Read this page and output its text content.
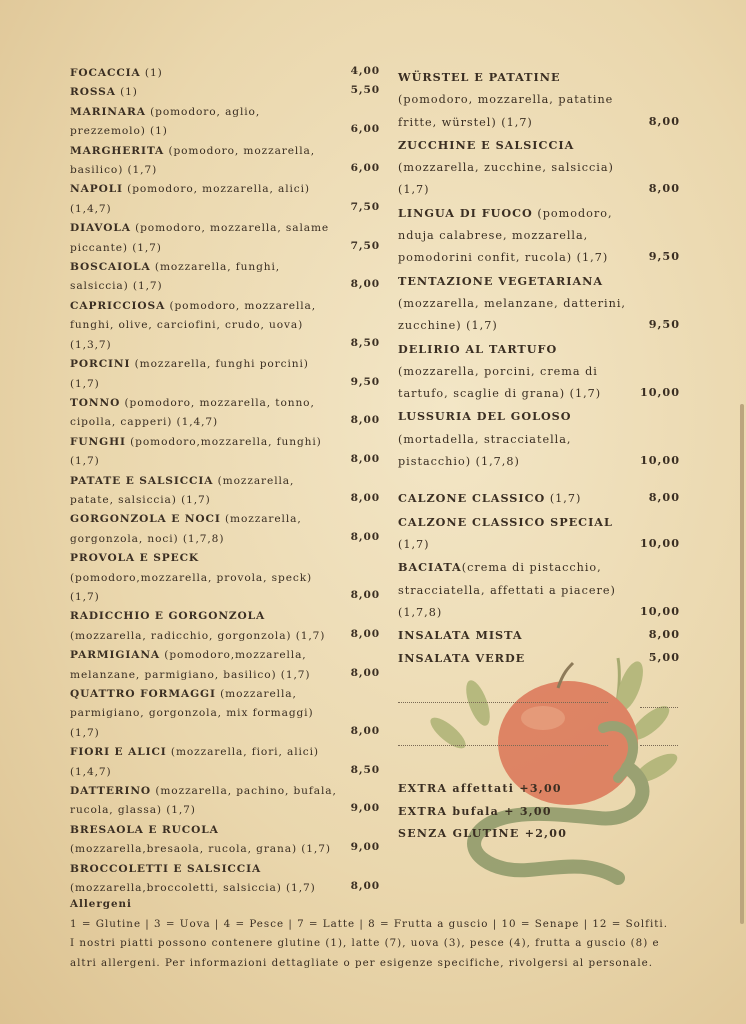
FOCACCIA (1)	4,00
ROSSA (1)	5,50
MARINARA (pomodoro, aglio, prezzemolo) (1)	6,00
MARGHERITA (pomodoro, mozzarella, basilico) (1,7)	6,00
NAPOLI (pomodoro, mozzarella, alici) (1,4,7)	7,50
DIAVOLA (pomodoro, mozzarella, salame piccante) (1,7)	7,50
BOSCAIOLA (mozzarella, funghi, salsiccia) (1,7)	8,00
CAPRICCIOSA (pomodoro, mozzarella, funghi, olive, carciofini, crudo, uova) (1,3,7)	8,50
PORCINI (mozzarella, funghi porcini) (1,7)	9,50
TONNO (pomodoro, mozzarella, tonno, cipolla, capperi) (1,4,7)	8,00
FUNGHI (pomodoro,mozzarella, funghi) (1,7)	8,00
PATATE E SALSICCIA (mozzarella, patate, salsiccia) (1,7)	8,00
GORGONZOLA E NOCI (mozzarella, gorgonzola, noci) (1,7,8)	8,00
PROVOLA E SPECK (pomodoro,mozzarella, provola, speck) (1,7)	8,00
RADICCHIO E GORGONZOLA (mozzarella, radicchio, gorgonzola) (1,7)	8,00
PARMIGIANA (pomodoro,mozzarella, melanzane, parmigiano, basilico) (1,7)	8,00
QUATTRO FORMAGGI (mozzarella, parmigiano, gorgonzola, mix formaggi) (1,7)	8,00
FIORI E ALICI (mozzarella, fiori, alici) (1,4,7)	8,50
DATTERINO (mozzarella, pachino, bufala, rucola, glassa) (1,7)	9,00
BRESAOLA E RUCOLA (mozzarella,bresaola, rucola, grana) (1,7)	9,00
BROCCOLETTI E SALSICCIA (mozzarella,broccoletti, salsiccia) (1,7)	8,00
WÜRSTEL E PATATINE (pomodoro, mozzarella, patatine fritte, würstel) (1,7)	8,00
ZUCCHINE E SALSICCIA (mozzarella, zucchine, salsiccia) (1,7)	8,00
LINGUA DI FUOCO (pomodoro, nduja calabrese, mozzarella, pomodorini confit, rucola) (1,7)	9,50
TENTAZIONE VEGETARIANA (mozzarella, melanzane, datterini, zucchine) (1,7)	9,50
DELIRIO AL TARTUFO (mozzarella, porcini, crema di tartufo, scaglie di grana) (1,7)	10,00
LUSSURIA DEL GOLOSO (mortadella, stracciatella, pistacchio) (1,7,8)	10,00
CALZONE CLASSICO (1,7)	8,00
CALZONE CLASSICO SPECIAL (1,7)	10,00
BACIATA(crema di pistacchio, stracciatella, affettati a piacere) (1,7,8)	10,00
INSALATA MISTA	8,00
INSALATA VERDE	5,00
EXTRA affettati +3,00
EXTRA bufala + 3,00
SENZA GLUTINE +2,00
Allergeni
1 = Glutine | 3 = Uova | 4 = Pesce | 7 = Latte | 8 = Frutta a guscio | 10 = Senape | 12 = Solfiti.
I nostri piatti possono contenere glutine (1), latte (7), uova (3), pesce (4), frutta a guscio (8) e altri allergeni. Per informazioni dettagliate o per esigenze specifiche, rivolgersi al personale.
